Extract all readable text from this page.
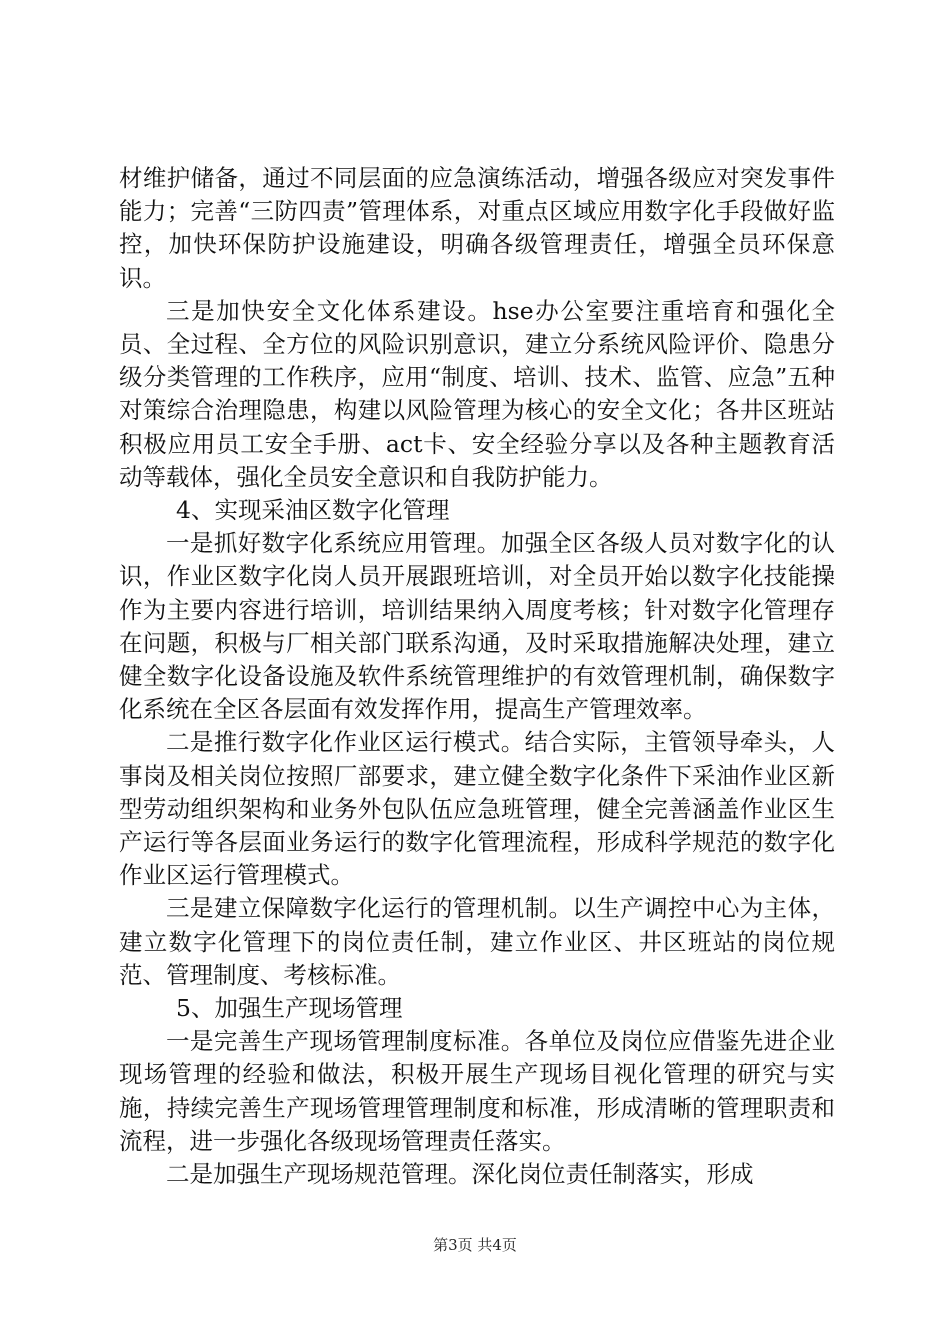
材维护储备，通过不同层面的应急演练活动，增强各级应对突发事件能力；完善“三防四责”管理体系，对重点区域应用数字化手段做好监控，加快环保防护设施建设，明确各级管理责任，增强全员环保意识。

三是加快安全文化体系建设。hse办公室要注重培育和强化全员、全过程、全方位的风险识别意识，建立分系统风险评价、隐患分级分类管理的工作秩序，应用“制度、培训、技术、监管、应急”五种对策综合治理隐患，构建以风险管理为核心的安全文化；各井区班站积极应用员工安全手册、act卡、安全经验分享以及各种主题教育活动等载体，强化全员安全意识和自我防护能力。

4、实现采油区数字化管理

一是抓好数字化系统应用管理。加强全区各级人员对数字化的认识，作业区数字化岗人员开展跟班培训，对全员开始以数字化技能操作为主要内容进行培训，培训结果纳入周度考核；针对数字化管理存在问题，积极与厂相关部门联系沟通，及时采取措施解决处理，建立健全数字化设备设施及软件系统管理维护的有效管理机制，确保数字化系统在全区各层面有效发挥作用，提高生产管理效率。

二是推行数字化作业区运行模式。结合实际，主管领导牵头，人事岗及相关岗位按照厂部要求，建立健全数字化条件下采油作业区新型劳动组织架构和业务外包队伍应急班管理，健全完善涵盖作业区生产运行等各层面业务运行的数字化管理流程，形成科学规范的数字化作业区运行管理模式。

三是建立保障数字化运行的管理机制。以生产调控中心为主体，建立数字化管理下的岗位责任制，建立作业区、井区班站的岗位规范、管理制度、考核标准。

5、加强生产现场管理

一是完善生产现场管理制度标准。各单位及岗位应借鉴先进企业现场管理的经验和做法，积极开展生产现场目视化管理的研究与实施，持续完善生产现场管理管理制度和标准，形成清晰的管理职责和流程，进一步强化各级现场管理责任落实。

二是加强生产现场规范管理。深化岗位责任制落实，形成

第3页 共4页
